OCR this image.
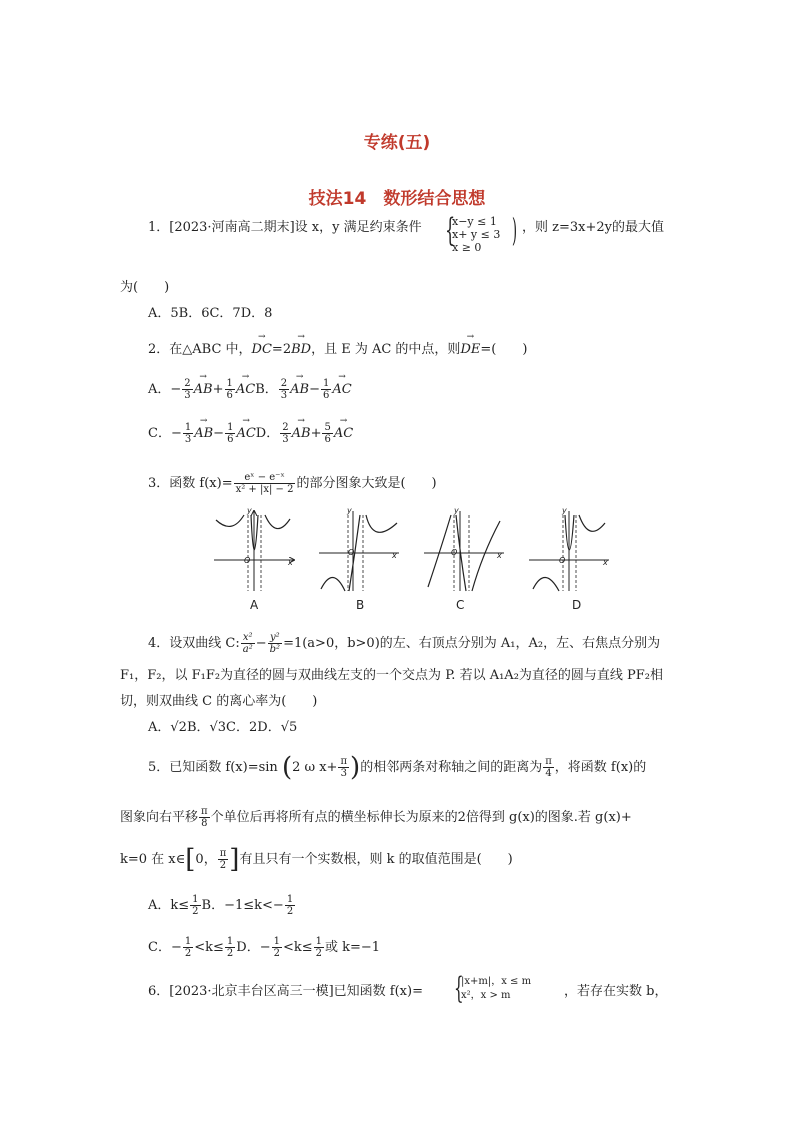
专练(五)
技法14　数形结合思想
1．[2023·河南高二期末]设 x，y 满足约束条件 {
x−y ≤ 1
x+ y ≤ 3
x ≥ 0 ) ，则 z=3x+2y的最大值
为(　　)
A．5B．6C．7D．8
2．在△ABC 中，→ DC=2→ BD，且 E 为 AC 的中点，则→ DE=(　　)
A．− $\frac{2}{3}$
→ $AB+ \frac{1}{6}$
→ ACB． $\frac{2}{3}$
→ $AB- \frac{1}{6}$
→ AC
C．− $\frac{1}{3}$
→ $AB- \frac{1}{6}$
→ ACD． $\frac{2}{3}$
→ $AB+ \frac{5}{6}$
→ AC
3．函数 $f(x)= \frac{\text{eˣ − e⁻ˣ}}{\text{x² + |x| − 2}}$ 的部分图象大致是(　　)
y
x
O
y
x
O
y
x
O
y
x
O
A	B	C	D
4．设双曲线 C: $\frac{\text{x²}}{\text{a²}} - \frac{\text{y²}}{\text{b²}} =1(a>0$，b>0)的左、右顶点分别为 A₁，A₂，左、右焦点分别为
F₁，F₂，以 F₁F₂为直径的圆与双曲线左支的一个交点为 P. 若以 A₁A₂为直径的圆与直线 PF₂相
切，则双曲线 C 的离心率为(　　)
A．√2B．√3C．2D．√5
5．已知函数 f(x)=sin (2 ω $x+ \frac{\pi}{3}$ )的相邻两条对称轴之间的距离为 $\frac{\pi}{4}$ ，将函数 f(x)的
图象向右平移 $\frac{\pi}{8}$ 个单位后再将所有点的横坐标伸长为原来的2倍得到 g(x)的图象.若 g(x)+
k=0 在 x∈[0， $\frac{\pi}{2}$ ]有且只有一个实数根，则 k 的取值范围是(　　)
A．$k\le \frac{1}{2}$ B．$-1\le k<- \frac{1}{2}$
C．− $\frac{1}{2} <k\le \frac{1}{2}$ D．− $\frac{1}{2} <k\le \frac{1}{2}$ 或 k=−1
6．[2023·北京丰台区高三一模]已知函数 f(x)= {
|x+m|，x ≤ m
x²，x > m	，若存在实数 b，
